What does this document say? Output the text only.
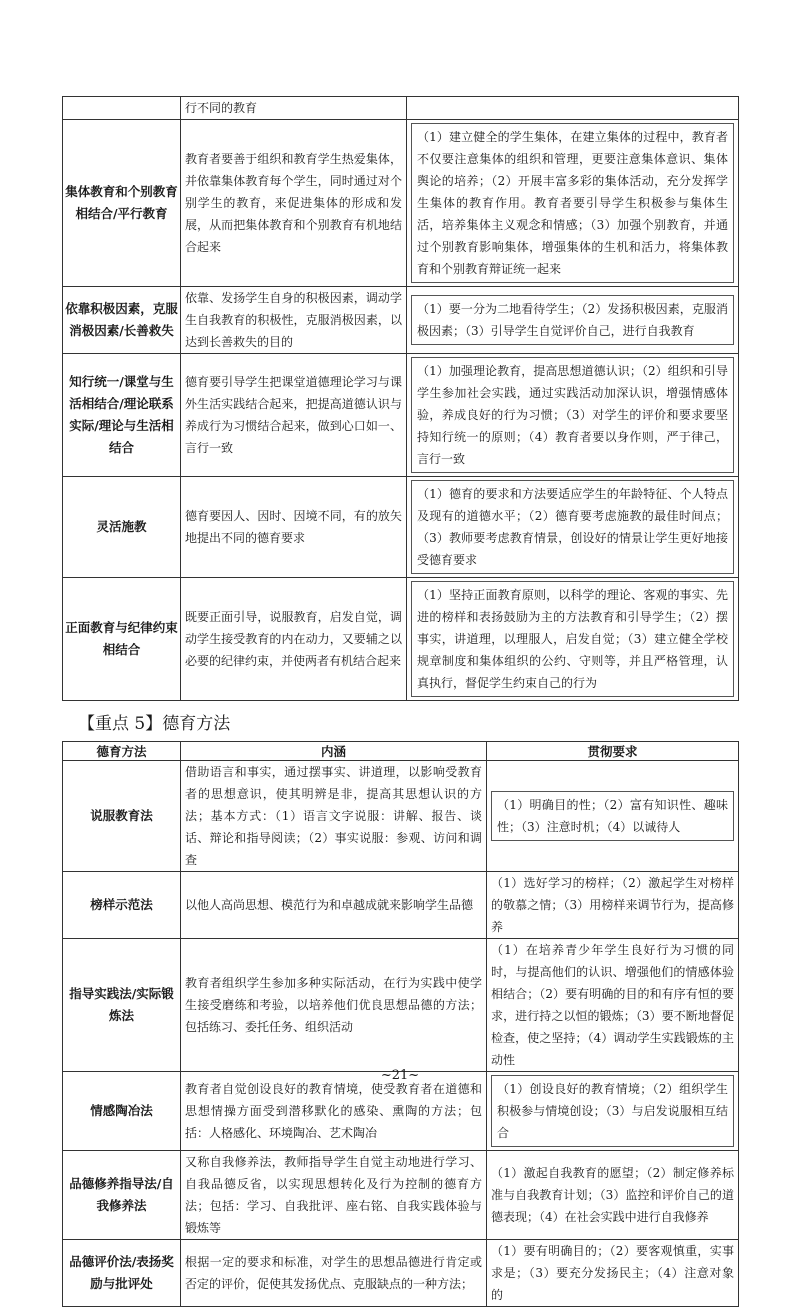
	行不同的教育	
集体教育和个别教育相结合/平行教育	教育者要善于组织和教育学生热爱集体，并依靠集体教育每个学生，同时通过对个别学生的教育，来促进集体的形成和发展，从而把集体教育和个别教育有机地结合起来	（1）建立健全的学生集体，在建立集体的过程中，教育者不仅要注意集体的组织和管理，更要注意集体意识、集体舆论的培养；（2）开展丰富多彩的集体活动，充分发挥学生集体的教育作用。教育者要引导学生积极参与集体生活，培养集体主义观念和情感；（3）加强个别教育，并通过个别教育影响集体，增强集体的生机和活力，将集体教育和个别教育辩证统一起来

依靠积极因素，克服消极因素/长善救失	依靠、发扬学生自身的积极因素，调动学生自我教育的积极性，克服消极因素，以达到长善救失的目的	（1）要一分为二地看待学生；（2）发扬积极因素，克服消极因素；（3）引导学生自觉评价自己，进行自我教育

知行统一/课堂与生活相结合/理论联系实际/理论与生活相结合	德育要引导学生把课堂道德理论学习与课外生活实践结合起来，把提高道德认识与养成行为习惯结合起来，做到心口如一、言行一致	（1）加强理论教育，提高思想道德认识；（2）组织和引导学生参加社会实践，通过实践活动加深认识，增强情感体验，养成良好的行为习惯；（3）对学生的评价和要求要坚持知行统一的原则；（4）教育者要以身作则，严于律己，言行一致

灵活施教	德育要因人、因时、因境不同，有的放矢地提出不同的德育要求	（1）德育的要求和方法要适应学生的年龄特征、个人特点及现有的道德水平；（2）德育要考虑施教的最佳时间点；（3）教师要考虑教育情景，创设好的情景让学生更好地接受德育要求

正面教育与纪律约束相结合	既要正面引导，说服教育，启发自觉，调动学生接受教育的内在动力，又要辅之以必要的纪律约束，并使两者有机结合起来	（1）坚持正面教育原则，以科学的理论、客观的事实、先进的榜样和表扬鼓励为主的方法教育和引导学生；（2）摆事实，讲道理，以理服人，启发自觉；（3）建立健全学校规章制度和集体组织的公约、守则等，并且严格管理，认真执行，督促学生约束自己的行为
【重点 5】德育方法
德育方法	内涵	贯彻要求
说服教育法	借助语言和事实，通过摆事实、讲道理，以影响受教育者的思想意识，使其明辨是非，提高其思想认识的方法；基本方式：（1）语言文字说服：讲解、报告、谈话、辩论和指导阅读；（2）事实说服：参观、访问和调查	（1）明确目的性；（2）富有知识性、趣味性；（3）注意时机；（4）以诚待人

榜样示范法	以他人高尚思想、模范行为和卓越成就来影响学生品德	（1）选好学习的榜样；（2）激起学生对榜样的敬慕之情；（3）用榜样来调节行为，提高修养
指导实践法/实际锻炼法	教育者组织学生参加多种实际活动，在行为实践中使学生接受磨练和考验，以培养他们优良思想品德的方法；包括练习、委托任务、组织活动	（1）在培养青少年学生良好行为习惯的同时，与提高他们的认识、增强他们的情感体验相结合；（2）要有明确的目的和有序有恒的要求，进行持之以恒的锻炼；（3）要不断地督促检查，使之坚持；（4）调动学生实践锻炼的主动性
情感陶冶法	教育者自觉创设良好的教育情境，使受教育者在道德和思想情操方面受到潜移默化的感染、熏陶的方法；包括：人格感化、环境陶冶、艺术陶冶	（1）创设良好的教育情境；（2）组织学生积极参与情境创设；（3）与启发说服相互结合

品德修养指导法/自我修养法	又称自我修养法，教师指导学生自觉主动地进行学习、自我品德反省，以实现思想转化及行为控制的德育方法；包括：学习、自我批评、座右铭、自我实践体验与锻炼等	（1）激起自我教育的愿望；（2）制定修养标准与自我教育计划；（3）监控和评价自己的道德表现；（4）在社会实践中进行自我修养
品德评价法/表扬奖励与批评处	根据一定的要求和标准，对学生的思想品德进行肯定或否定的评价，促使其发扬优点、克服缺点的一种方法；	（1）要有明确目的；（2）要客观慎重，实事求是；（3）要充分发扬民主；（4）注意对象的
~21~
